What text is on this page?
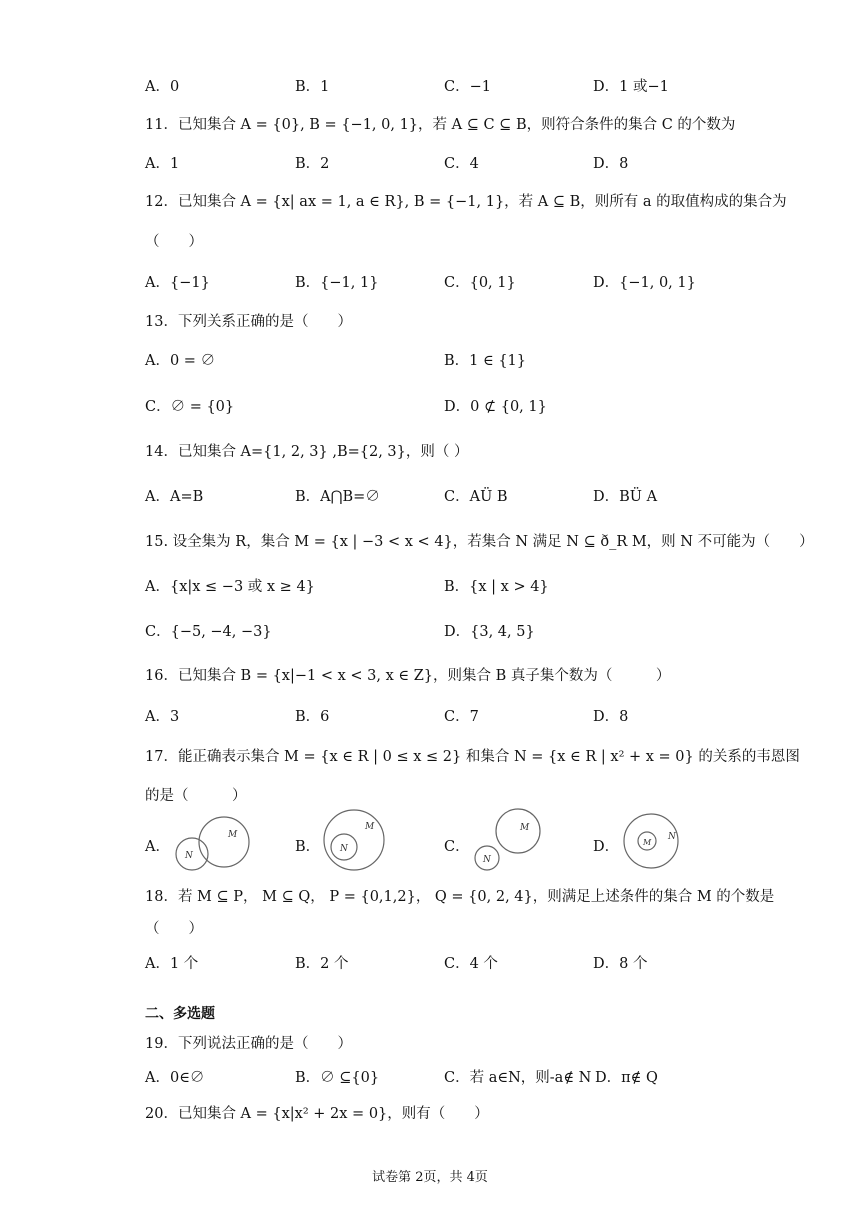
A．0	B．1	C．−1	D．1 或−1
11．已知集合 A = {0}, B = {−1, 0, 1}，若 A ⊆ C ⊆ B，则符合条件的集合 C 的个数为
A．1	B．2	C．4	D．8
12．已知集合 A = {x| ax = 1, a ∈ R}, B = {−1, 1}，若 A ⊆ B，则所有 a 的取值构成的集合为
（　　）
A．{−1}	B．{−1, 1}	C．{0, 1}	D．{−1, 0, 1}
13．下列关系正确的是（　　）
A．0 = ∅	B．1 ∈ {1}
C．∅ = {0}	D．0 ⊄ {0, 1}
14．已知集合 A={1, 2, 3} ,B={2, 3}，则（ ）
A．A=B	B．A⋂B=∅	C．AÜ B	D．BÜ A
15. 设全集为 R，集合 M = {x | −3 < x < 4}，若集合 N 满足 N ⊆ ð_R M，则 N 不可能为（　　）
A．{x|x ≤ −3 或 x ≥ 4}	B．{x | x > 4}
C．{−5, −4, −3}	D．{3, 4, 5}
16．已知集合 B = {x|−1 < x < 3, x ∈ Z}，则集合 B 真子集个数为（　　　）
A．3	B．6	C．7	D．8
17．能正确表示集合 M = {x ∈ R | 0 ≤ x ≤ 2} 和集合 N = {x ∈ R | x² + x = 0} 的关系的韦恩图
的是（　　　）
A．	B．	C．	D．
M
N
M
N
M
N
M
N
18．若 M ⊆ P， M ⊆ Q， P = {0,1,2}， Q = {0, 2, 4}，则满足上述条件的集合 M 的个数是
（　　）
A．1 个	B．2 个	C．4 个	D．8 个
二、多选题
19．下列说法正确的是（　　）
A．0∈∅	B．∅ ⊆{0}	C．若 a∈N，则-a∉ N D．π∉ Q
20．已知集合 A = {x|x² + 2x = 0}，则有（　　）
试卷第 2页，共 4页
